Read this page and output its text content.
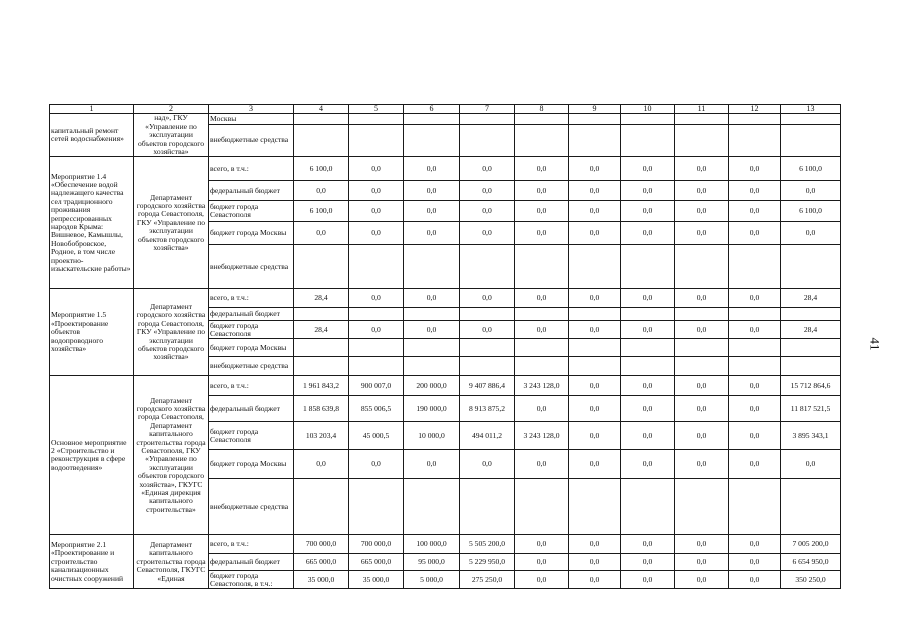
1	2	3	4	5	6	7	8	9	10	11	12	13
капитальный ремонт сетей водоснабжения»	над», ГКУ «Управление по эксплуатации объектов городского хозяйства»	Москвы										
		внебюджетные средства										
Мероприятие 1.4 «Обеспечение водой надлежащего качества сел традиционного проживания репрессированных народов Крыма: Вишневое, Камышлы, Новобобровское, Родное, в том числе проектно-изыскательские работы»	Департамент городского хозяйства города Севастополя, ГКУ «Управление по эксплуатации объектов городского хозяйства»	всего, в т.ч.:	6 100,0	0,0	0,0	0,0	0,0	0,0	0,0	0,0	0,0	6 100,0
		федеральный бюджет	0,0	0,0	0,0	0,0	0,0	0,0	0,0	0,0	0,0	0,0
		бюджет города Севастополя	6 100,0	0,0	0,0	0,0	0,0	0,0	0,0	0,0	0,0	6 100,0
		бюджет города Москвы	0,0	0,0	0,0	0,0	0,0	0,0	0,0	0,0	0,0	0,0
		внебюджетные средства										
Мероприятие 1.5 «Проектирование объектов водопроводного хозяйства»	Департамент городского хозяйства города Севастополя, ГКУ «Управление по эксплуатации объектов городского хозяйства»	всего, в т.ч.:	28,4	0,0	0,0	0,0	0,0	0,0	0,0	0,0	0,0	28,4
		федеральный бюджет										
		бюджет города Севастополя	28,4	0,0	0,0	0,0	0,0	0,0	0,0	0,0	0,0	28,4
		бюджет города Москвы										
		внебюджетные средства										
Основное мероприятие 2 «Строительство и реконструкция в сфере водоотведения»	Департамент городского хозяйства города Севастополя, Департамент капитального строительства города Севастополя, ГКУ «Управление по эксплуатации объектов городского хозяйства», ГКУГС «Единая дирекция капитального строительства»	всего, в т.ч.:	1 961 843,2	900 007,0	200 000,0	9 407 886,4	3 243 128,0	0,0	0,0	0,0	0,0	15 712 864,6
		федеральный бюджет	1 858 639,8	855 006,5	190 000,0	8 913 875,2	0,0	0,0	0,0	0,0	0,0	11 817 521,5
		бюджет города Севастополя	103 203,4	45 000,5	10 000,0	494 011,2	3 243 128,0	0,0	0,0	0,0	0,0	3 895 343,1
		бюджет города Москвы	0,0	0,0	0,0	0,0	0,0	0,0	0,0	0,0	0,0	0,0
		внебюджетные средства										
Мероприятие 2.1 «Проектирование и строительство канализационных очистных сооружений	Департамент капитального строительства города Севастополя, ГКУГС «Единая	всего, в т.ч.:	700 000,0	700 000,0	100 000,0	5 505 200,0	0,0	0,0	0,0	0,0	0,0	7 005 200,0
		федеральный бюджет	665 000,0	665 000,0	95 000,0	5 229 950,0	0,0	0,0	0,0	0,0	0,0	6 654 950,0
		бюджет города Севастополя, в т.ч.:	35 000,0	35 000,0	5 000,0	275 250,0	0,0	0,0	0,0	0,0	0,0	350 250,0
41
